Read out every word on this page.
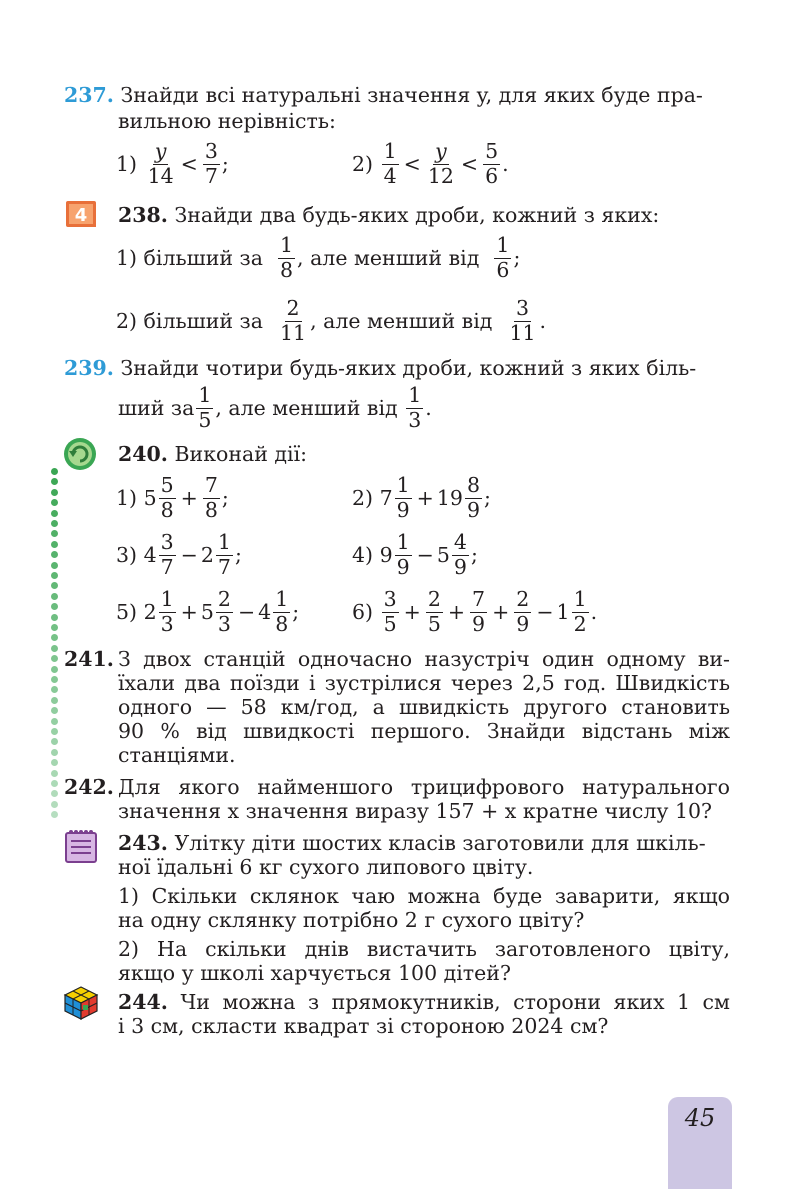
237. Знайди всі натуральні значення y, для яких буде пра-
вильною нерівність:
1)
$\frac{y}{14} < \frac{3}{7}$ ;	2)
$\frac{1}{4} < \frac{y}{12} < \frac{5}{6}$ .
4 238. Знайди два будь-яких дроби, кожний з яких:
1) більший за
$\frac{1}{8}$ , але менший від
$\frac{1}{6}$ ;
2) більший за
$\frac{2}{11}$ , але менший від
$\frac{3}{11}$ .
239. Знайди чотири будь-яких дроби, кожний з яких біль-
ший за $\frac{1}{5}$ , але менший від
$\frac{1}{3}$ .
240. Виконай дії:
1)
$5 \frac{5}{8} + \frac{7}{8}$ ;	2)
$7 \frac{1}{9} + 19 \frac{8}{9}$ ;
3)
$4 \frac{3}{7} - 2 \frac{1}{7}$ ;	4)
$9 \frac{1}{9} - 5 \frac{4}{9}$ ;
5)
$2 \frac{1}{3} + 5 \frac{2}{3} - 4 \frac{1}{8}$ ;	6)
$\frac{3}{5} + \frac{2}{5} + \frac{7}{9} + \frac{2}{9} - 1 \frac{1}{2}$ .
241. З двох станцій одночасно назустріч один одному ви-
їхали два поїзди і зустрілися через 2,5 год. Швидкість
одного — 58 км/год, а швидкість другого становить
90 % від швидкості першого. Знайди відстань між
станціями.
242. Для якого найменшого трицифрового натурального
значення x значення виразу 157 + x кратне числу 10?
243. Улітку діти шостих класів заготовили для шкіль-
ної їдальні 6 кг сухого липового цвіту.
1) Скільки склянок чаю можна буде заварити, якщо
на одну склянку потрібно 2 г сухого цвіту?
2) На скільки днів вистачить заготовленого цвіту,
якщо у школі харчується 100 дітей?
244. Чи можна з прямокутників, сторони яких 1 см
і 3 см, скласти квадрат зі стороною 2024 см?
45
